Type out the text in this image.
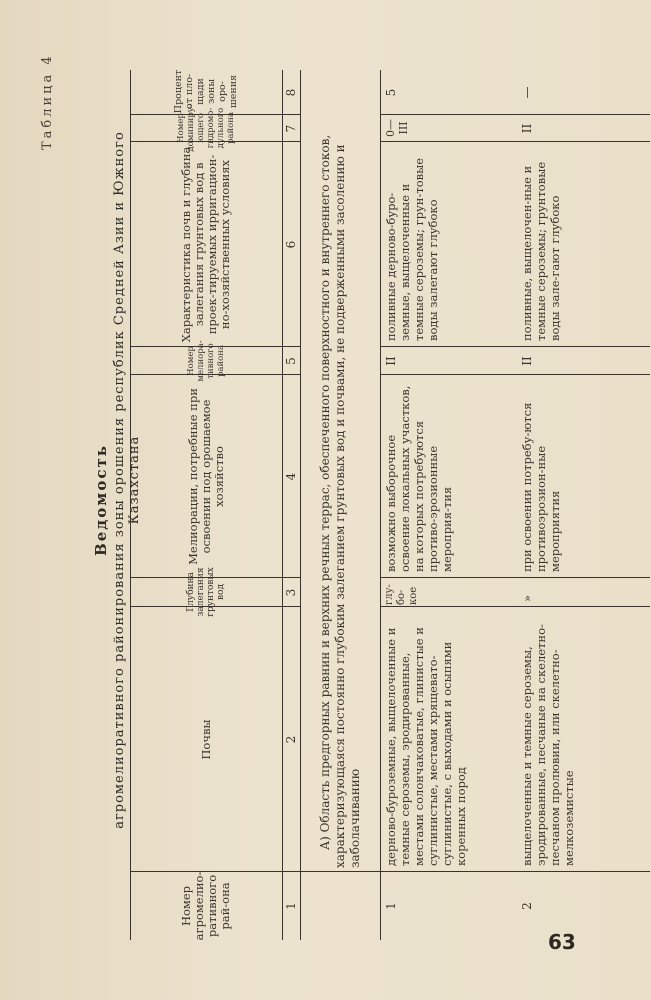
Таблица 4
Ведомость агромелиоративного районирования зоны орошения республик Средней Азии и Южного Казахстана
Номер агромелио-ративного рай-она
Почвы
Глубина залегания грунтовых вод
Мелиорации, потребные при освоении под орошаемое хозяйство
Номер мелиора-тивного района
Характеристика почв и глубина залегания грунтовых вод в проек-тируемых ирригацион-но-хозяйственных условиях
Номер доминиру-ющего гидромо-дульного района
Процент от пло-щади зоны оро-шения
1
2
3
4
5
6
7
8
А) Область предгорных равнин и верхних речных террас, обеспеченного поверхностного и внутреннего стоков, характеризующаяся постоянно глубоким залеганием грунтовых вод и почвами, не подверженными засолению и заболачиванию
1
дерново-буроземные, выщелоченные и темные сероземы, эродированные, местами солончаковатые, глинистые и суглинистые, местами хрящевато-суглинистые, с выходами и осыпями коренных пород
глу-бо-кое
возможно выборочное освоение локальных участков, на которых потребуются противо-эрозионные мероприя-тия
II
поливные дерново-буро-земные, выщелоченные и темные сероземы; грун-товые воды залегают глубоко
0—III
5
2
выщелоченные и темные сероземы, эродированные, песчаные на скелетно-песчаном пролювии, или скелетно-мелкоземистые
»
при освоении потребу-ются противоэрозион-ные мероприятия
II
поливные, выщелочен-ные и темные сероземы; грунтовые воды зале-гают глубоко
II
—
63
